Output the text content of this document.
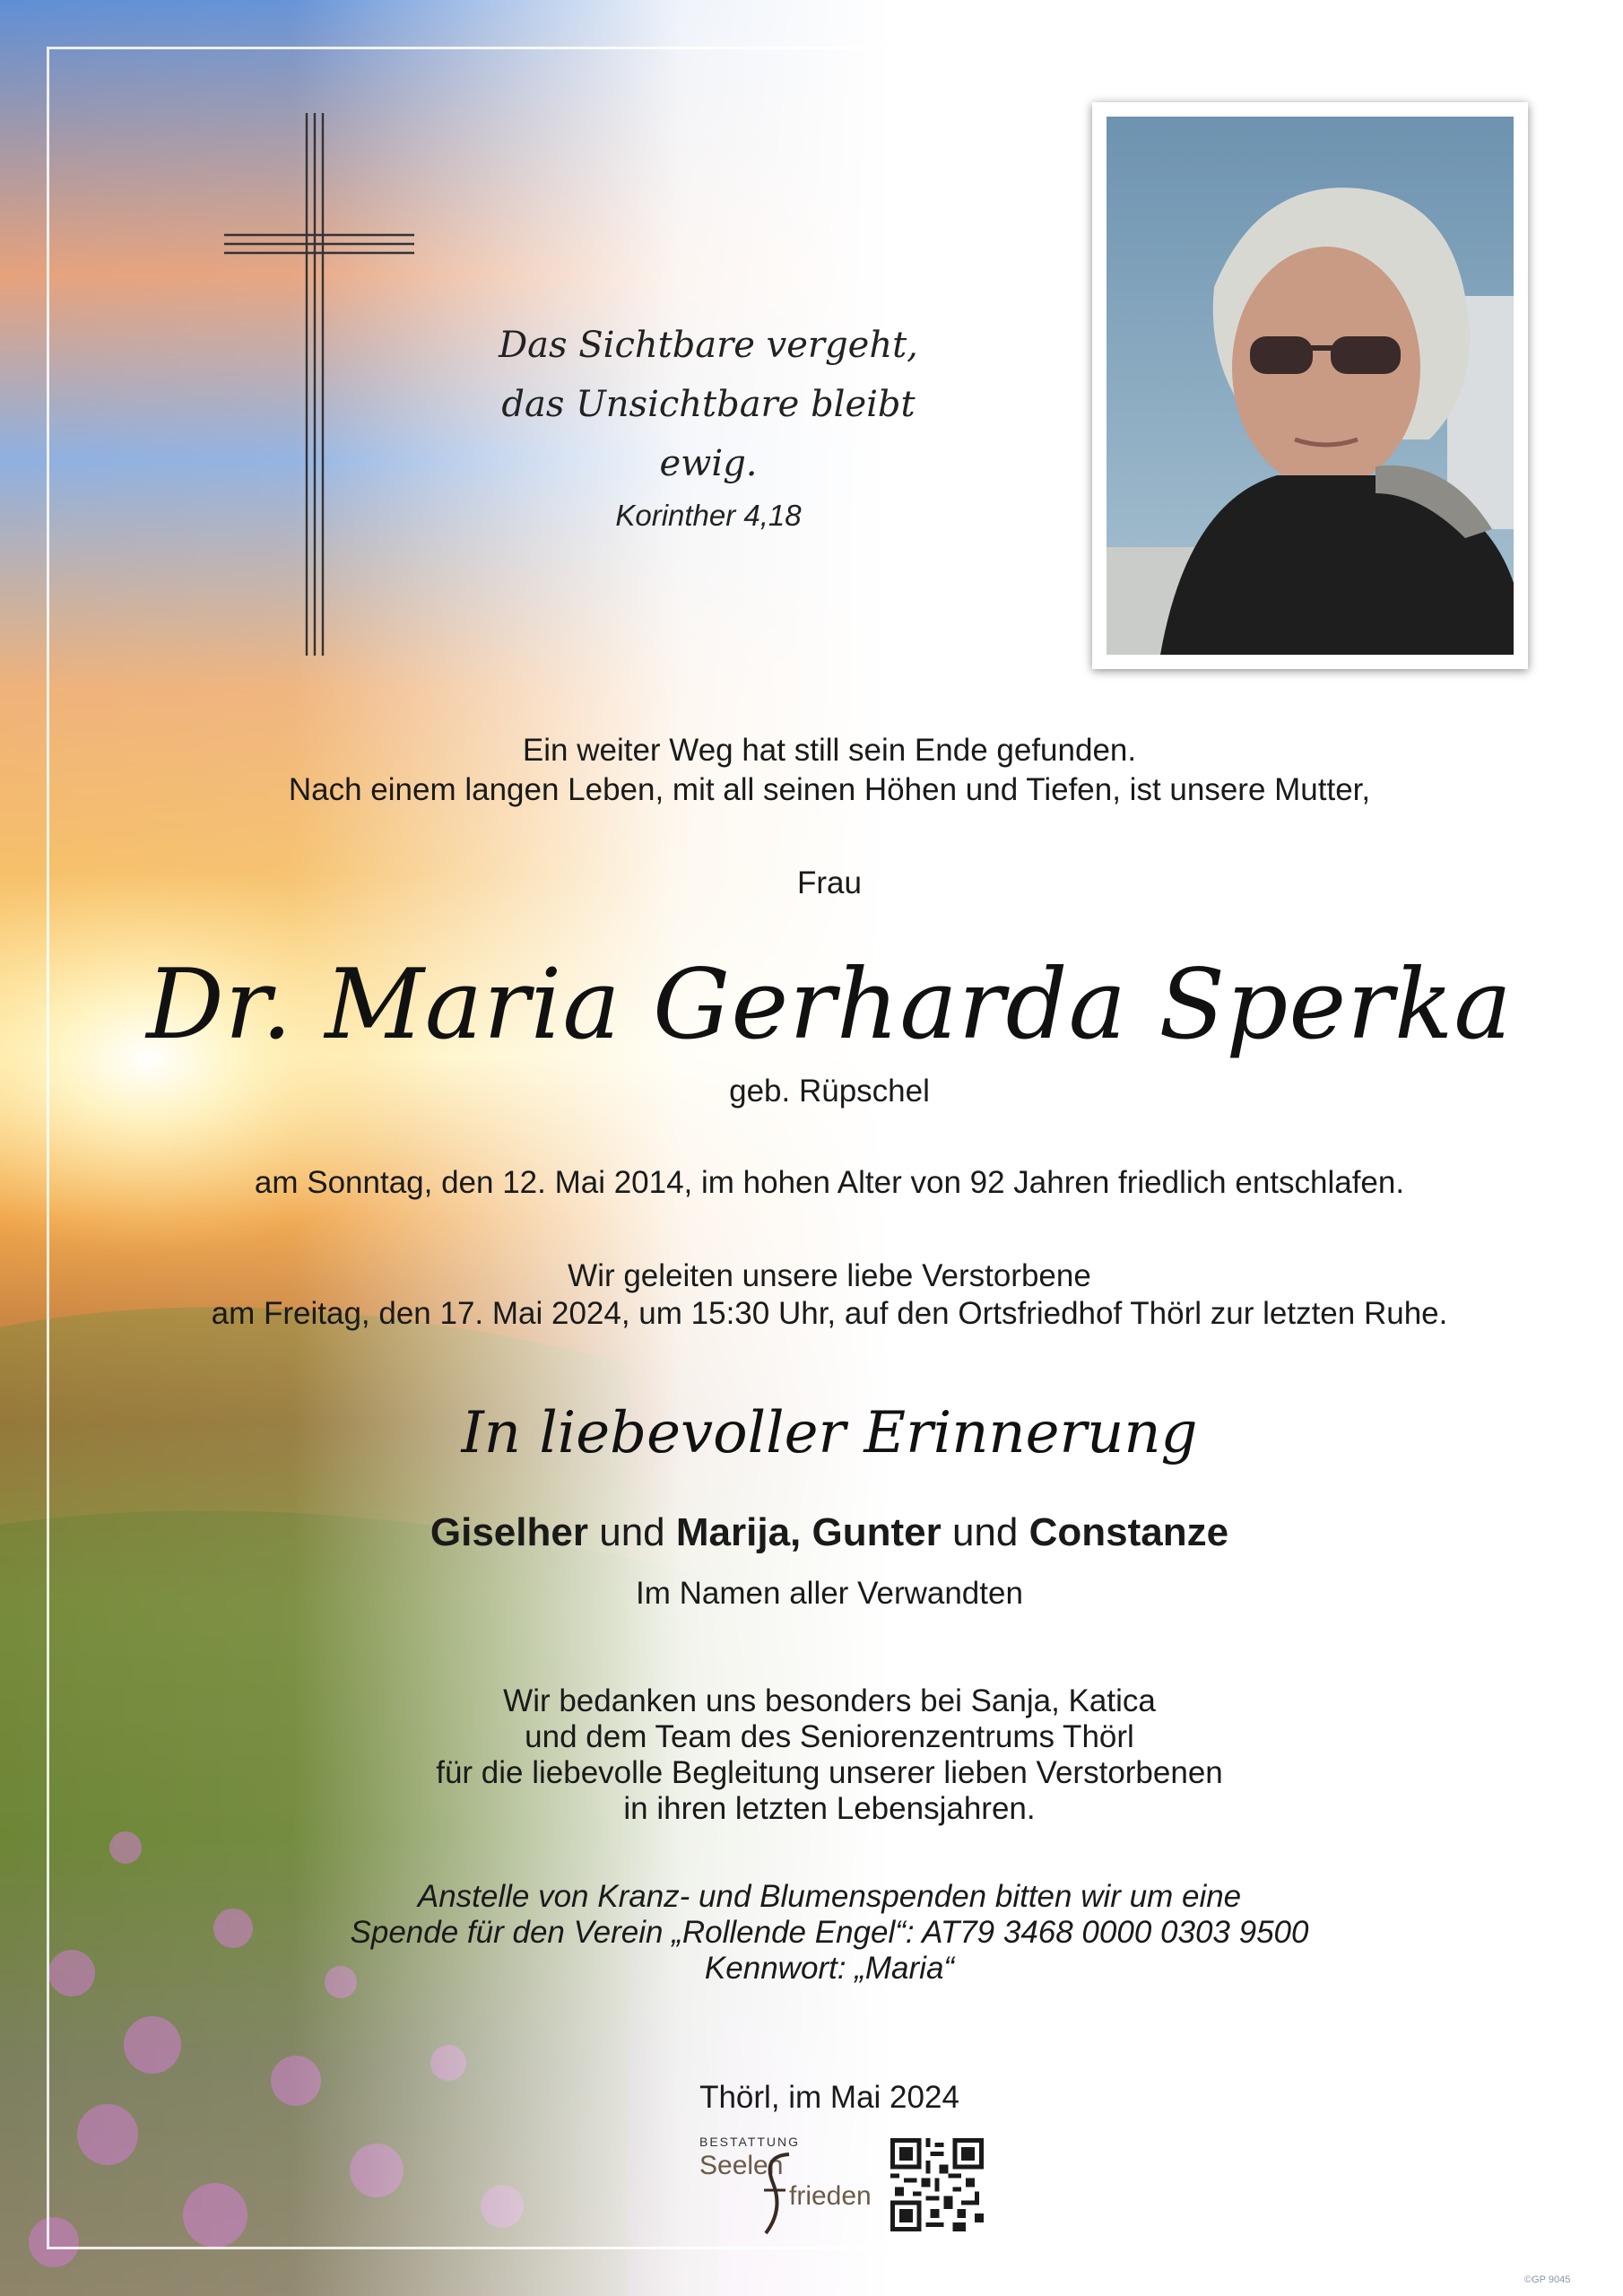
Das Sichtbare vergeht,
das Unsichtbare bleibt ewig.
Korinther 4,18
Ein weiter Weg hat still sein Ende gefunden.
Nach einem langen Leben, mit all seinen Höhen und Tiefen, ist unsere Mutter,
Frau
Dr. Maria Gerharda Sperka
geb. Rüpschel
am Sonntag, den 12. Mai 2014, im hohen Alter von 92 Jahren friedlich entschlafen.
Wir geleiten unsere liebe Verstorbene
am Freitag, den 17. Mai 2024, um 15:30 Uhr, auf den Ortsfriedhof Thörl zur letzten Ruhe.
In liebevoller Erinnerung
Giselher und Marija, Gunter und Constanze
Im Namen aller Verwandten
Wir bedanken uns besonders bei Sanja, Katica
und dem Team des Seniorenzentrums Thörl
für die liebevolle Begleitung unserer lieben Verstorbenen
in ihren letzten Lebensjahren.
Anstelle von Kranz- und Blumenspenden bitten wir um eine
Spende für den Verein „Rollende Engel“: AT79 3468 0000 0303 9500
Kennwort: „Maria“
Thörl, im Mai 2024
BESTATTUNG
Seelen
frieden
©GP 9045
